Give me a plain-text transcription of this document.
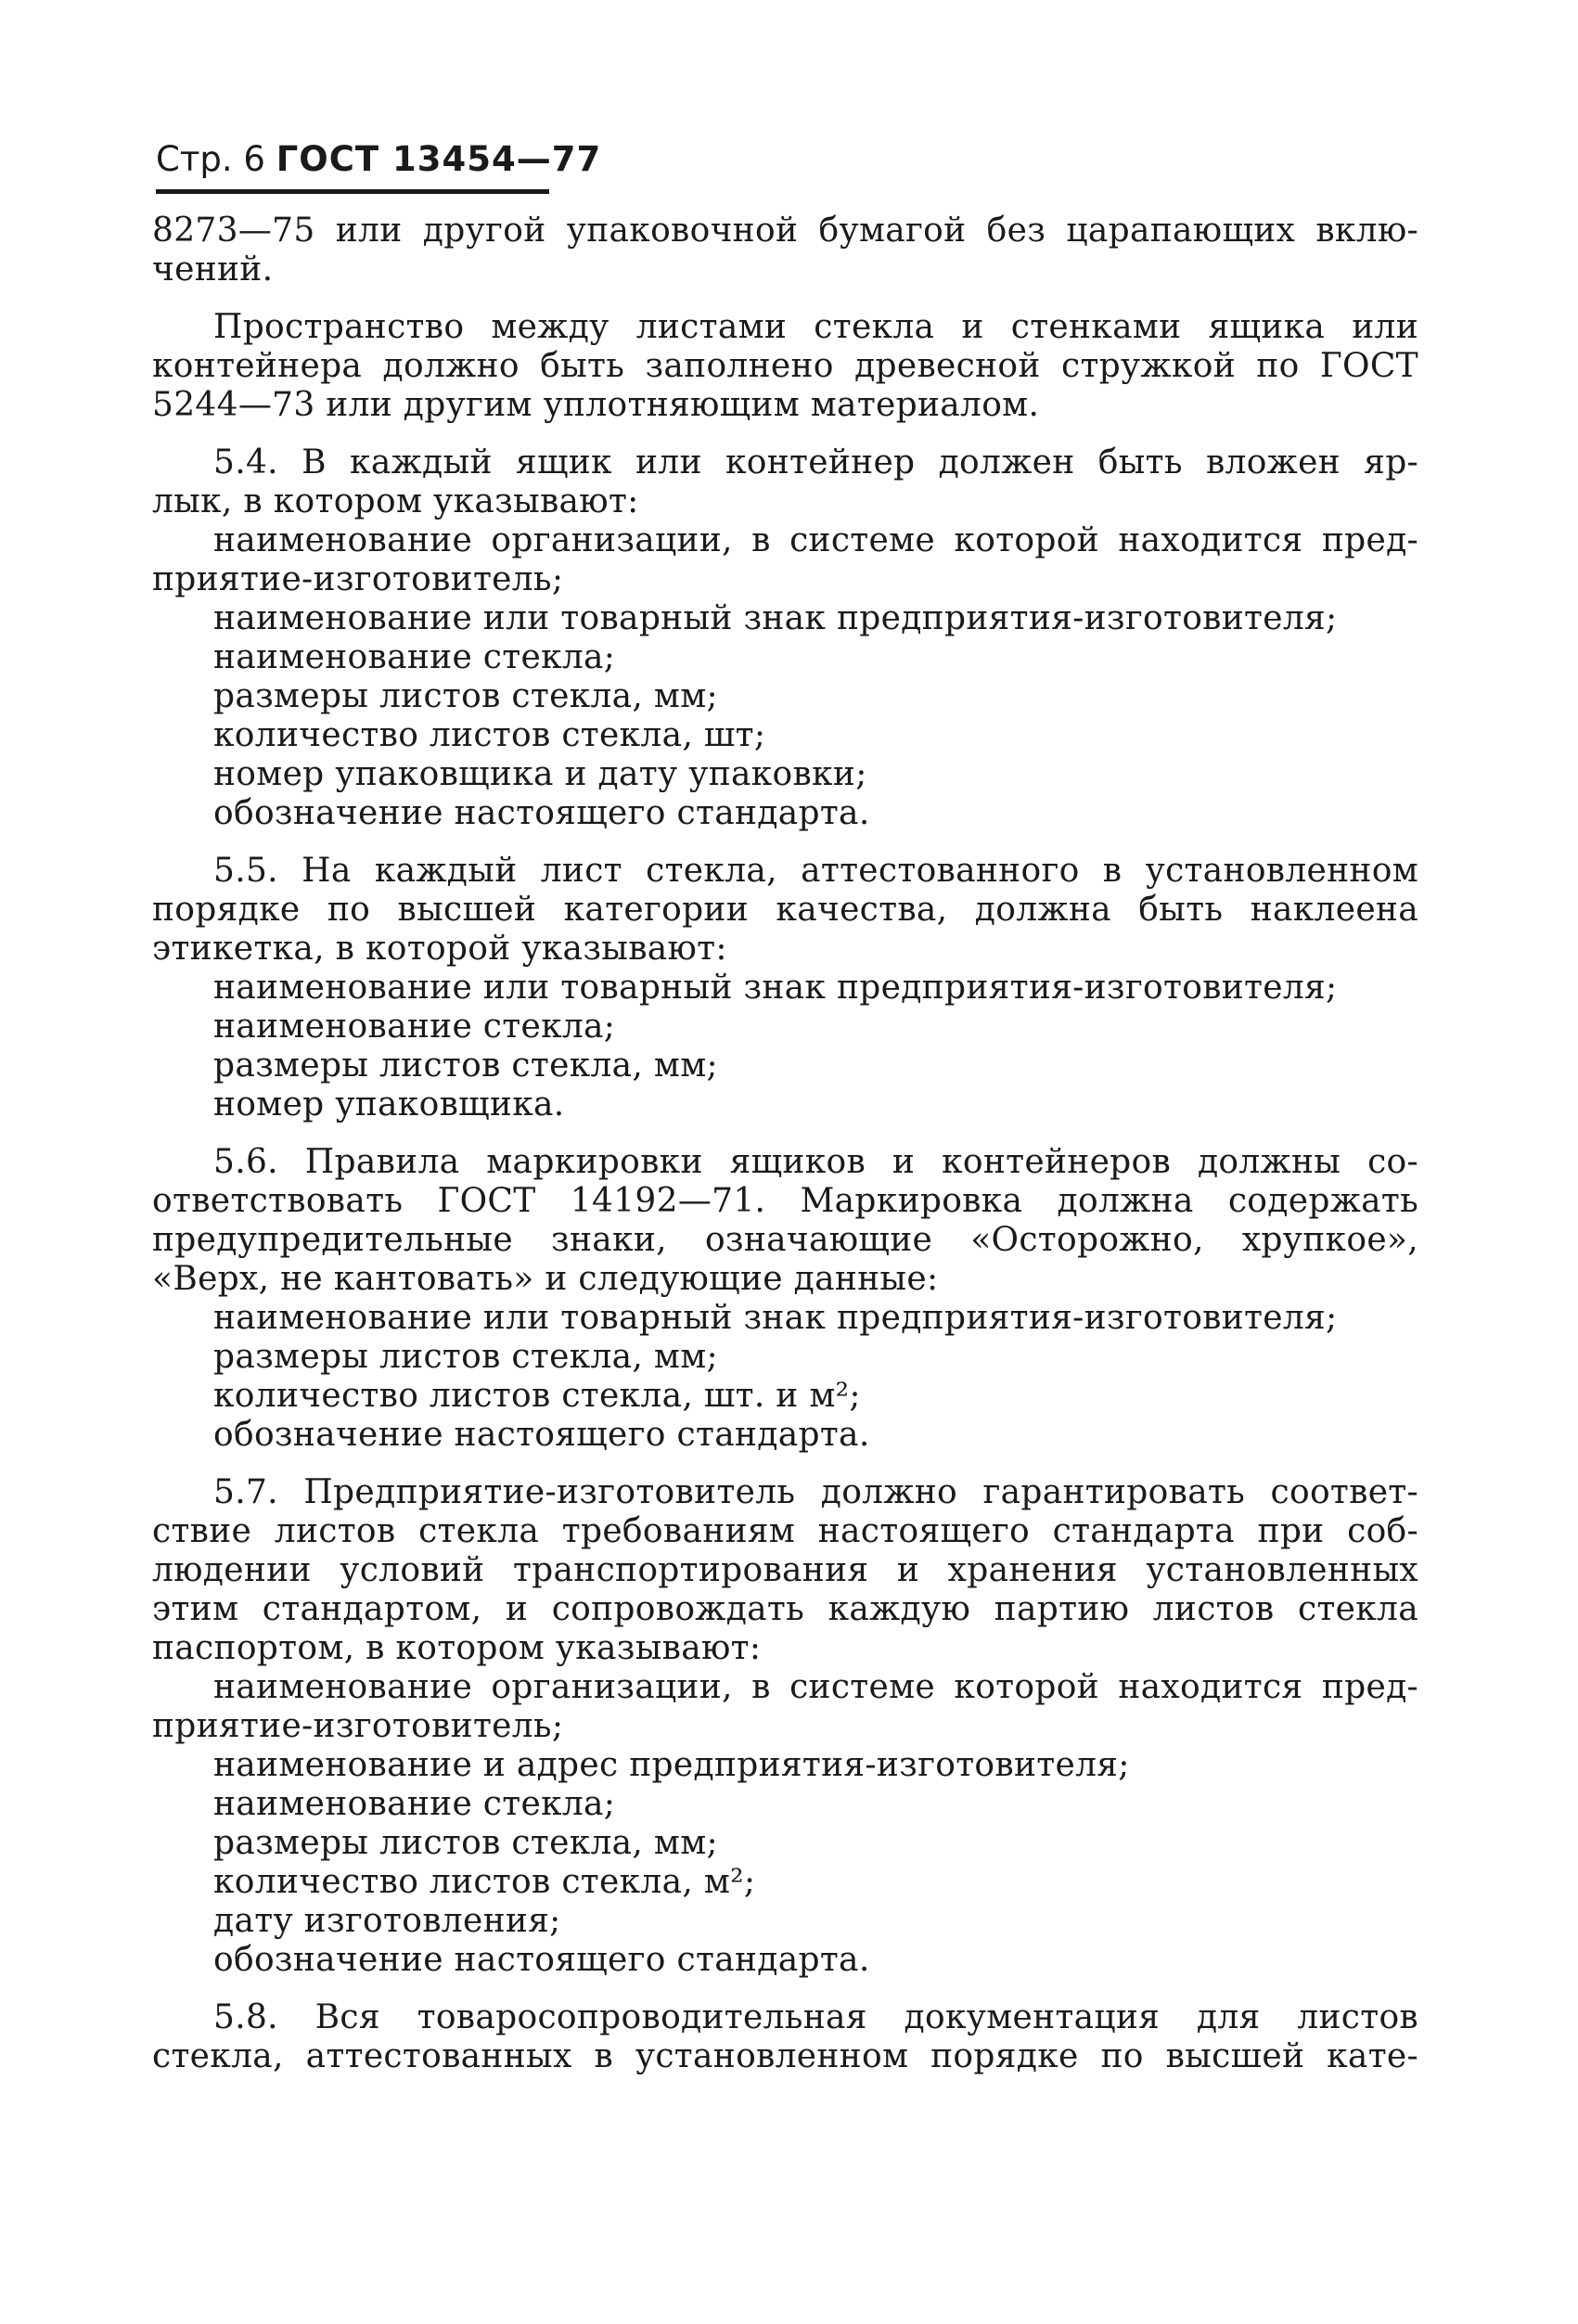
Стр. 6 ГОСТ 13454—77

8273—75 или другой упаковочной бумагой без царапающих вклю-

чений.

Пространство между листами стекла и стенками ящика или

контейнера должно быть заполнено древесной стружкой по ГОСТ

5244—73 или другим уплотняющим материалом.

5.4. В каждый ящик или контейнер должен быть вложен яр-

лык, в котором указывают:

наименование организации, в системе которой находится пред-

приятие-изготовитель;

наименование или товарный знак предприятия-изготовителя;

наименование стекла;

размеры листов стекла, мм;

количество листов стекла, шт;

номер упаковщика и дату упаковки;

обозначение настоящего стандарта.

5.5. На каждый лист стекла, аттестованного в установленном

порядке по высшей категории качества, должна быть наклеена

этикетка, в которой указывают:

наименование или товарный знак предприятия-изготовителя;

наименование стекла;

размеры листов стекла, мм;

номер упаковщика.

5.6. Правила маркировки ящиков и контейнеров должны со-

ответствовать ГОСТ 14192—71. Маркировка должна содержать

предупредительные знаки, означающие «Осторожно, хрупкое»,

«Верх, не кантовать» и следующие данные:

наименование или товарный знак предприятия-изготовителя;

размеры листов стекла, мм;

количество листов стекла, шт. и м²;

обозначение настоящего стандарта.

5.7. Предприятие-изготовитель должно гарантировать соответ-

ствие листов стекла требованиям настоящего стандарта при соб-

людении условий транспортирования и хранения установленных

этим стандартом, и сопровождать каждую партию листов стекла

паспортом, в котором указывают:

наименование организации, в системе которой находится пред-

приятие-изготовитель;

наименование и адрес предприятия-изготовителя;

наименование стекла;

размеры листов стекла, мм;

количество листов стекла, м²;

дату изготовления;

обозначение настоящего стандарта.

5.8. Вся товаросопроводительная документация для листов

стекла, аттестованных в установленном порядке по высшей кате-
